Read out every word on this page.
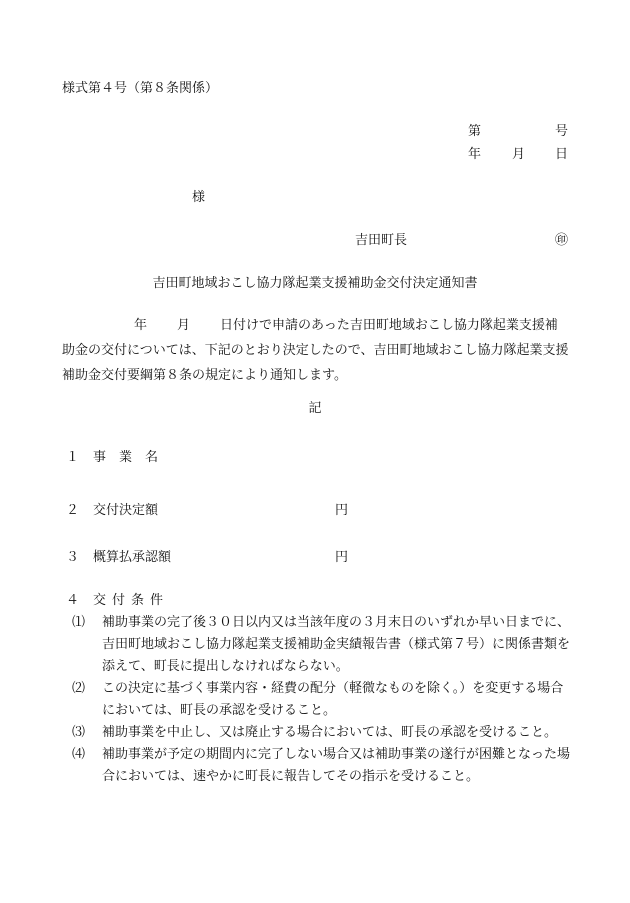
様式第４号（第８条関係）
第	号
年 月 日
様
吉田町長	㊞
吉田町地域おこし協力隊起業支援補助金交付決定通知書
年 月 日付けで申請のあった吉田町地域おこし協力隊起業支援補助金の交付については、下記のとおり決定したので、吉田町地域おこし協力隊起業支援補助金交付要綱第８条の規定により通知します。
記
１ 事　業　名
２ 交付決定額	円
３ 概算払承認額	円
４ 交付条件
⑴ 補助事業の完了後３０日以内又は当該年度の３月末日のいずれか早い日までに、吉田町地域おこし協力隊起業支援補助金実績報告書（様式第７号）に関係書類を添えて、町長に提出しなければならない。
⑵ この決定に基づく事業内容・経費の配分（軽微なものを除く。）を変更する場合においては、町長の承認を受けること。
⑶ 補助事業を中止し、又は廃止する場合においては、町長の承認を受けること。
⑷ 補助事業が予定の期間内に完了しない場合又は補助事業の遂行が困難となった場合においては、速やかに町長に報告してその指示を受けること。
